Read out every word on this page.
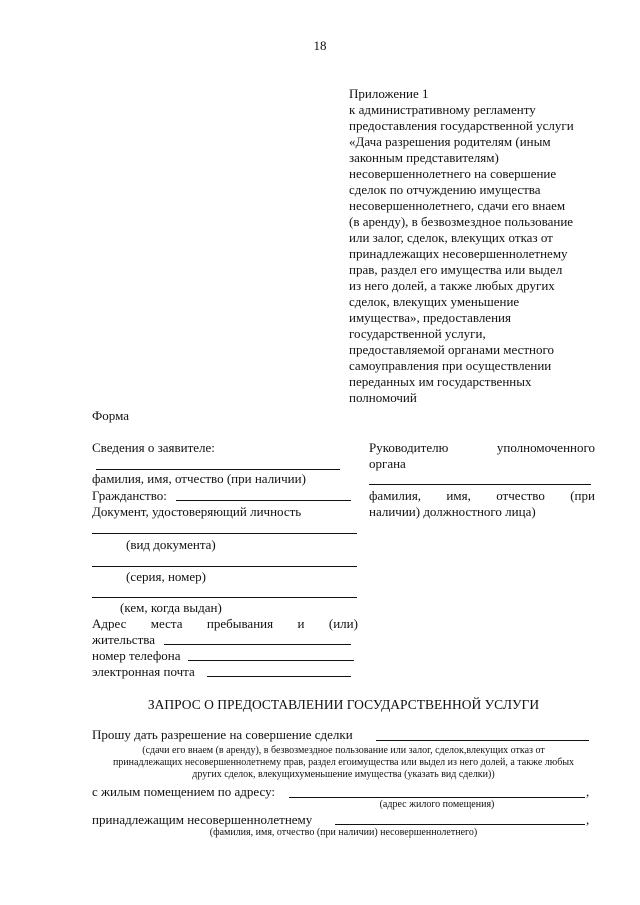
18
Приложение 1
к административному регламенту
предоставления государственной услуги
«Дача разрешения родителям (иным
законным представителям)
несовершеннолетнего на совершение
сделок по отчуждению имущества
несовершеннолетнего, сдачи его внаем
(в аренду), в безвозмездное пользование
или залог, сделок, влекущих отказ от
принадлежащих несовершеннолетнему
прав, раздел его имущества или выдел
из него долей, а также любых других
сделок, влекущих уменьшение
имущества», предоставления
государственной услуги,
предоставляемой органами местного
самоуправления при осуществлении
переданных им государственных
полномочий
Форма
Сведения о заявителе:
фамилия, имя, отчество (при наличии)
Гражданство:
Документ, удостоверяющий личность
(вид документа)
(серия, номер)
(кем, когда выдан)
Адрес места пребывания и (или)
жительства
номер телефона
электронная почта
Руководителю	уполномоченного
органа
фамилия, имя, отчество (при
наличии) должностного лица)
ЗАПРОС О ПРЕДОСТАВЛЕНИИ ГОСУДАРСТВЕННОЙ УСЛУГИ
Прошу дать разрешение на совершение сделки
(сдачи его внаем (в аренду), в безвозмездное пользование или залог, сделок,влекущих отказ от
принадлежащих несовершеннолетнему прав, раздел егоимущества или выдел из него долей, а также любых
других сделок, влекущихуменьшение имущества (указать вид сделки))
с жилым помещением по адресу:	,
(адрес жилого помещения)
принадлежащим несовершеннолетнему	,
(фамилия, имя, отчество (при наличии) несовершеннолетнего)
